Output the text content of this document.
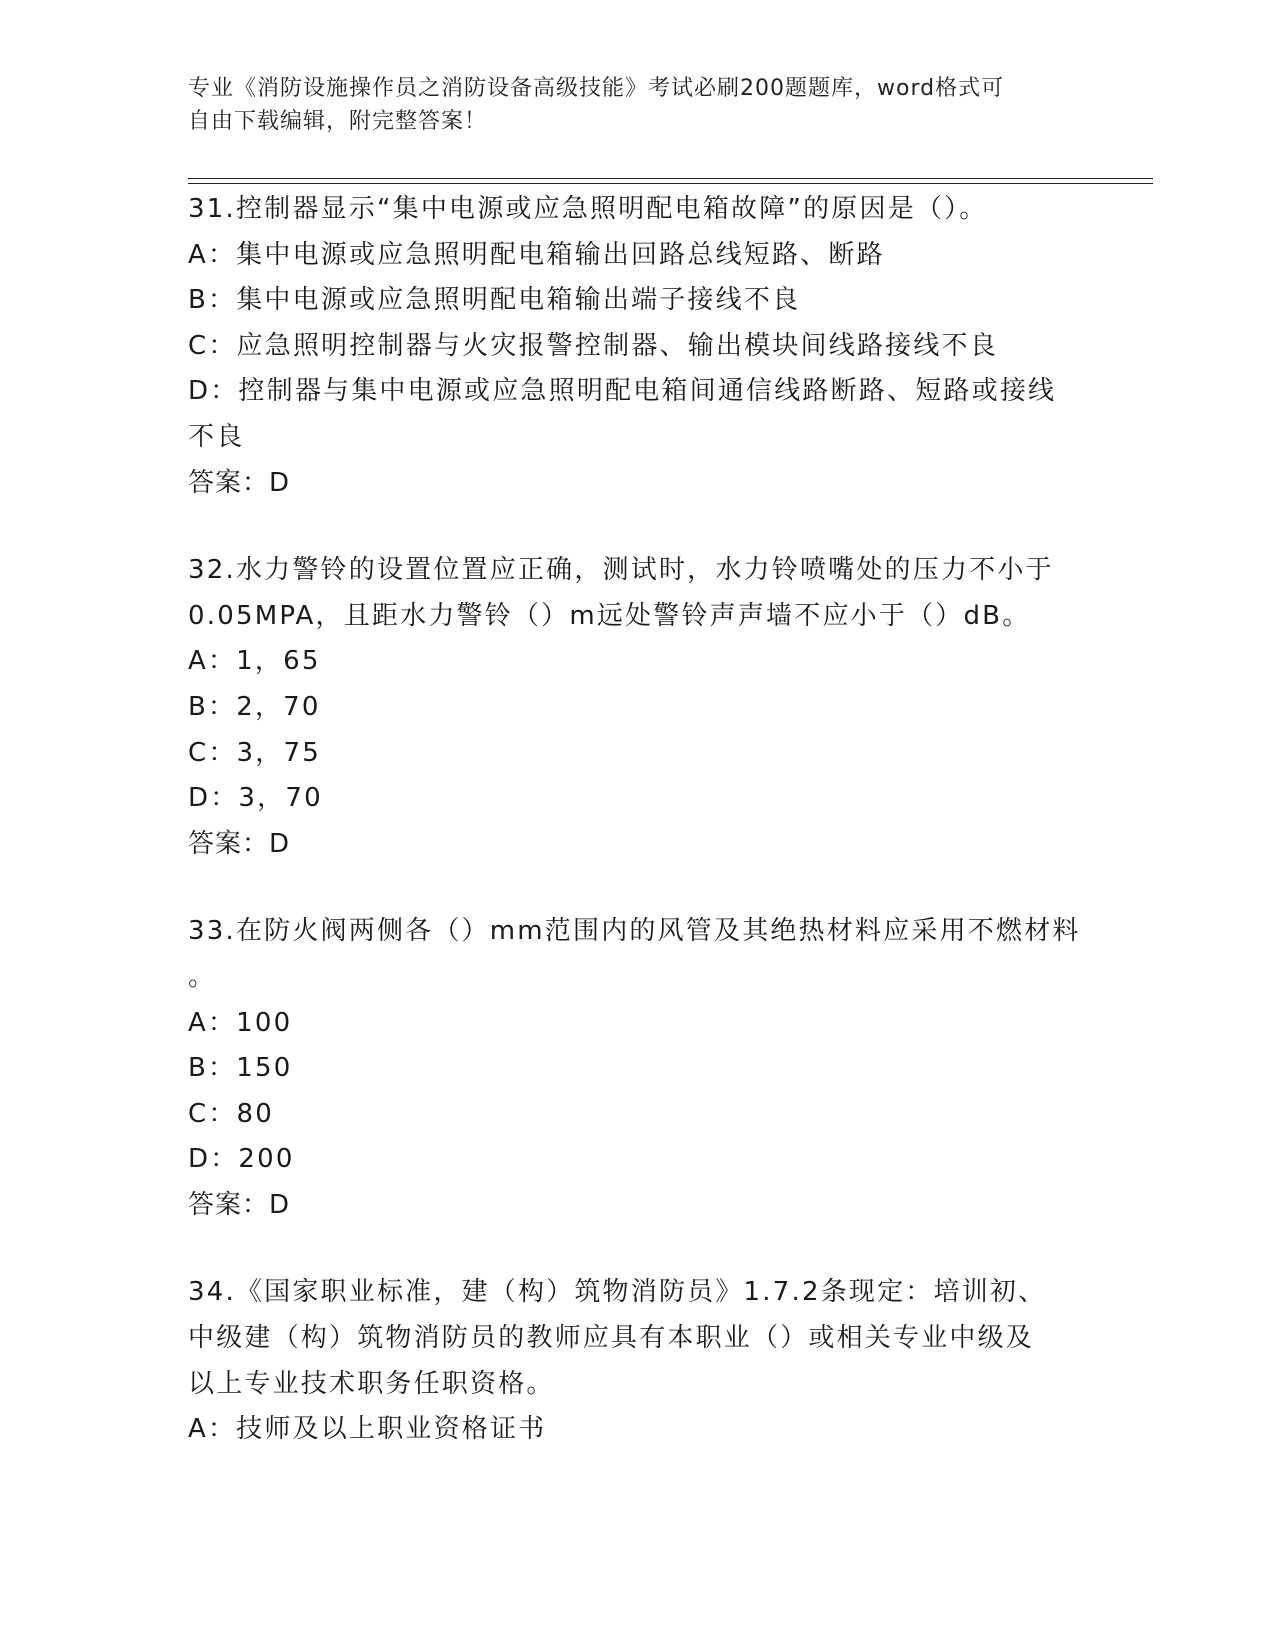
专业《消防设施操作员之消防设备高级技能》考试必刷200题题库，word格式可
自由下载编辑，附完整答案！
31.控制器显示“集中电源或应急照明配电箱故障”的原因是（）。
A：集中电源或应急照明配电箱输出回路总线短路、断路
B：集中电源或应急照明配电箱输出端子接线不良
C：应急照明控制器与火灾报警控制器、输出模块间线路接线不良
D：控制器与集中电源或应急照明配电箱间通信线路断路、短路或接线
不良
答案：D
32.水力警铃的设置位置应正确，测试时，水力铃喷嘴处的压力不小于
0.05MPA，且距水力警铃（）m远处警铃声声墙不应小于（）dB。
A：1，65
B：2，70
C：3，75
D：3，70
答案：D
33.在防火阀两侧各（）mm范围内的风管及其绝热材料应采用不燃材料
。
A：100
B：150
C：80
D：200
答案：D
34.《国家职业标准，建（构）筑物消防员》1.7.2条现定：培训初、
中级建（构）筑物消防员的教师应具有本职业（）或相关专业中级及
以上专业技术职务任职资格。
A：技师及以上职业资格证书
